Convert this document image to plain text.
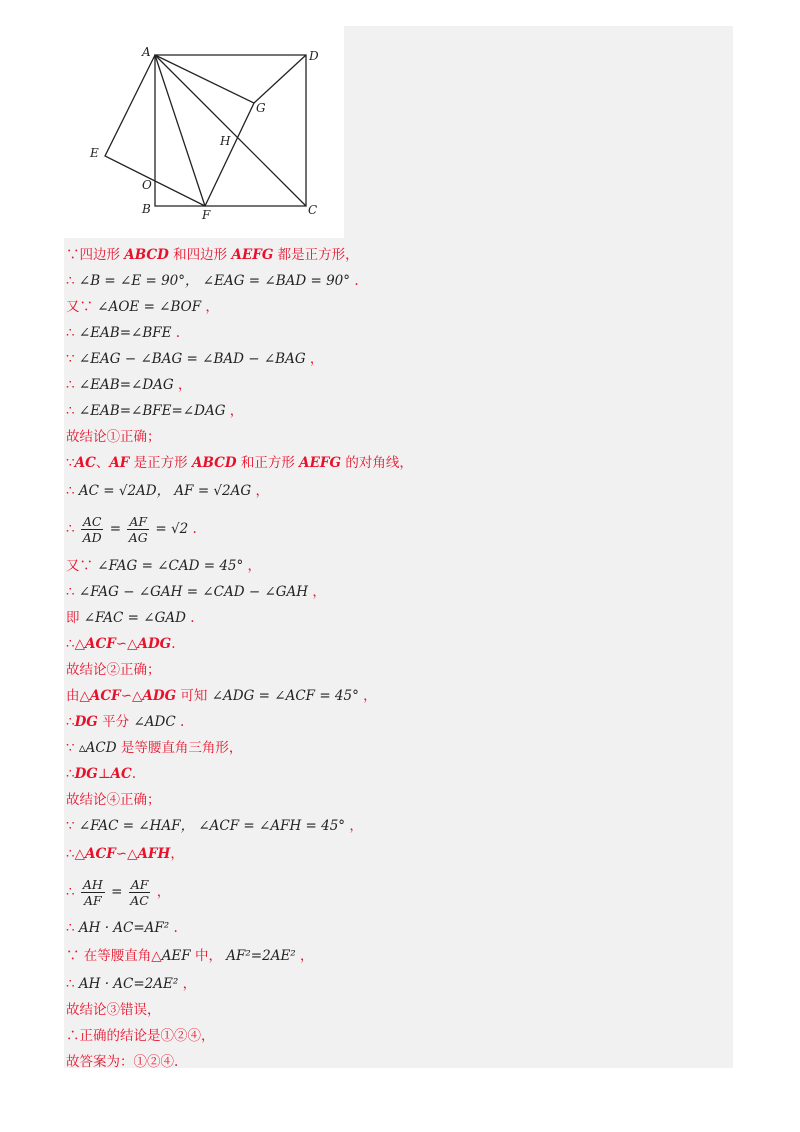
A	D
G
H
E
O
B	F	C
∵四边形 ABCD 和四边形 AEFG 都是正方形，
∴ ∠B = ∠E = 90°， ∠EAG = ∠BAD = 90° .
又∵ ∠AOE = ∠BOF ，
∴ ∠EAB=∠BFE .
∵ ∠EAG − ∠BAG = ∠BAD − ∠BAG ，
∴ ∠EAB=∠DAG ，
∴ ∠EAB=∠BFE=∠DAG ，
故结论①正确；
∵AC、AF 是正方形 ABCD 和正方形 AEFG 的对角线，
∴ AC = √2AD， AF = √2AG ，
∴ $\frac{AC}{AD} = \frac{AF}{AG} = √2$ .
又∵ ∠FAG = ∠CAD = 45° ，
∴ ∠FAG − ∠GAH = ∠CAD − ∠GAH ，
即 ∠FAC = ∠GAD .
∴△ACF∽△ADG.
故结论②正确；
由△ACF∽△ADG 可知 ∠ADG = ∠ACF = 45° ，
∴DG 平分 ∠ADC .
∵ ▵ACD 是等腰直角三角形，
∴DG⊥AC.
故结论④正确；
∵ ∠FAC = ∠HAF， ∠ACF = ∠AFH = 45° ，
∴△ACF∽△AFH，
∴ $\frac{AH}{AF} = \frac{AF}{AC}$ ，
∴ AH · AC=AF² .
∵ 在等腰直角△AEF 中， AF²=2AE² ，
∴ AH · AC=2AE² ，
故结论③错误，
∴正确的结论是①②④，
故答案为：①②④.
